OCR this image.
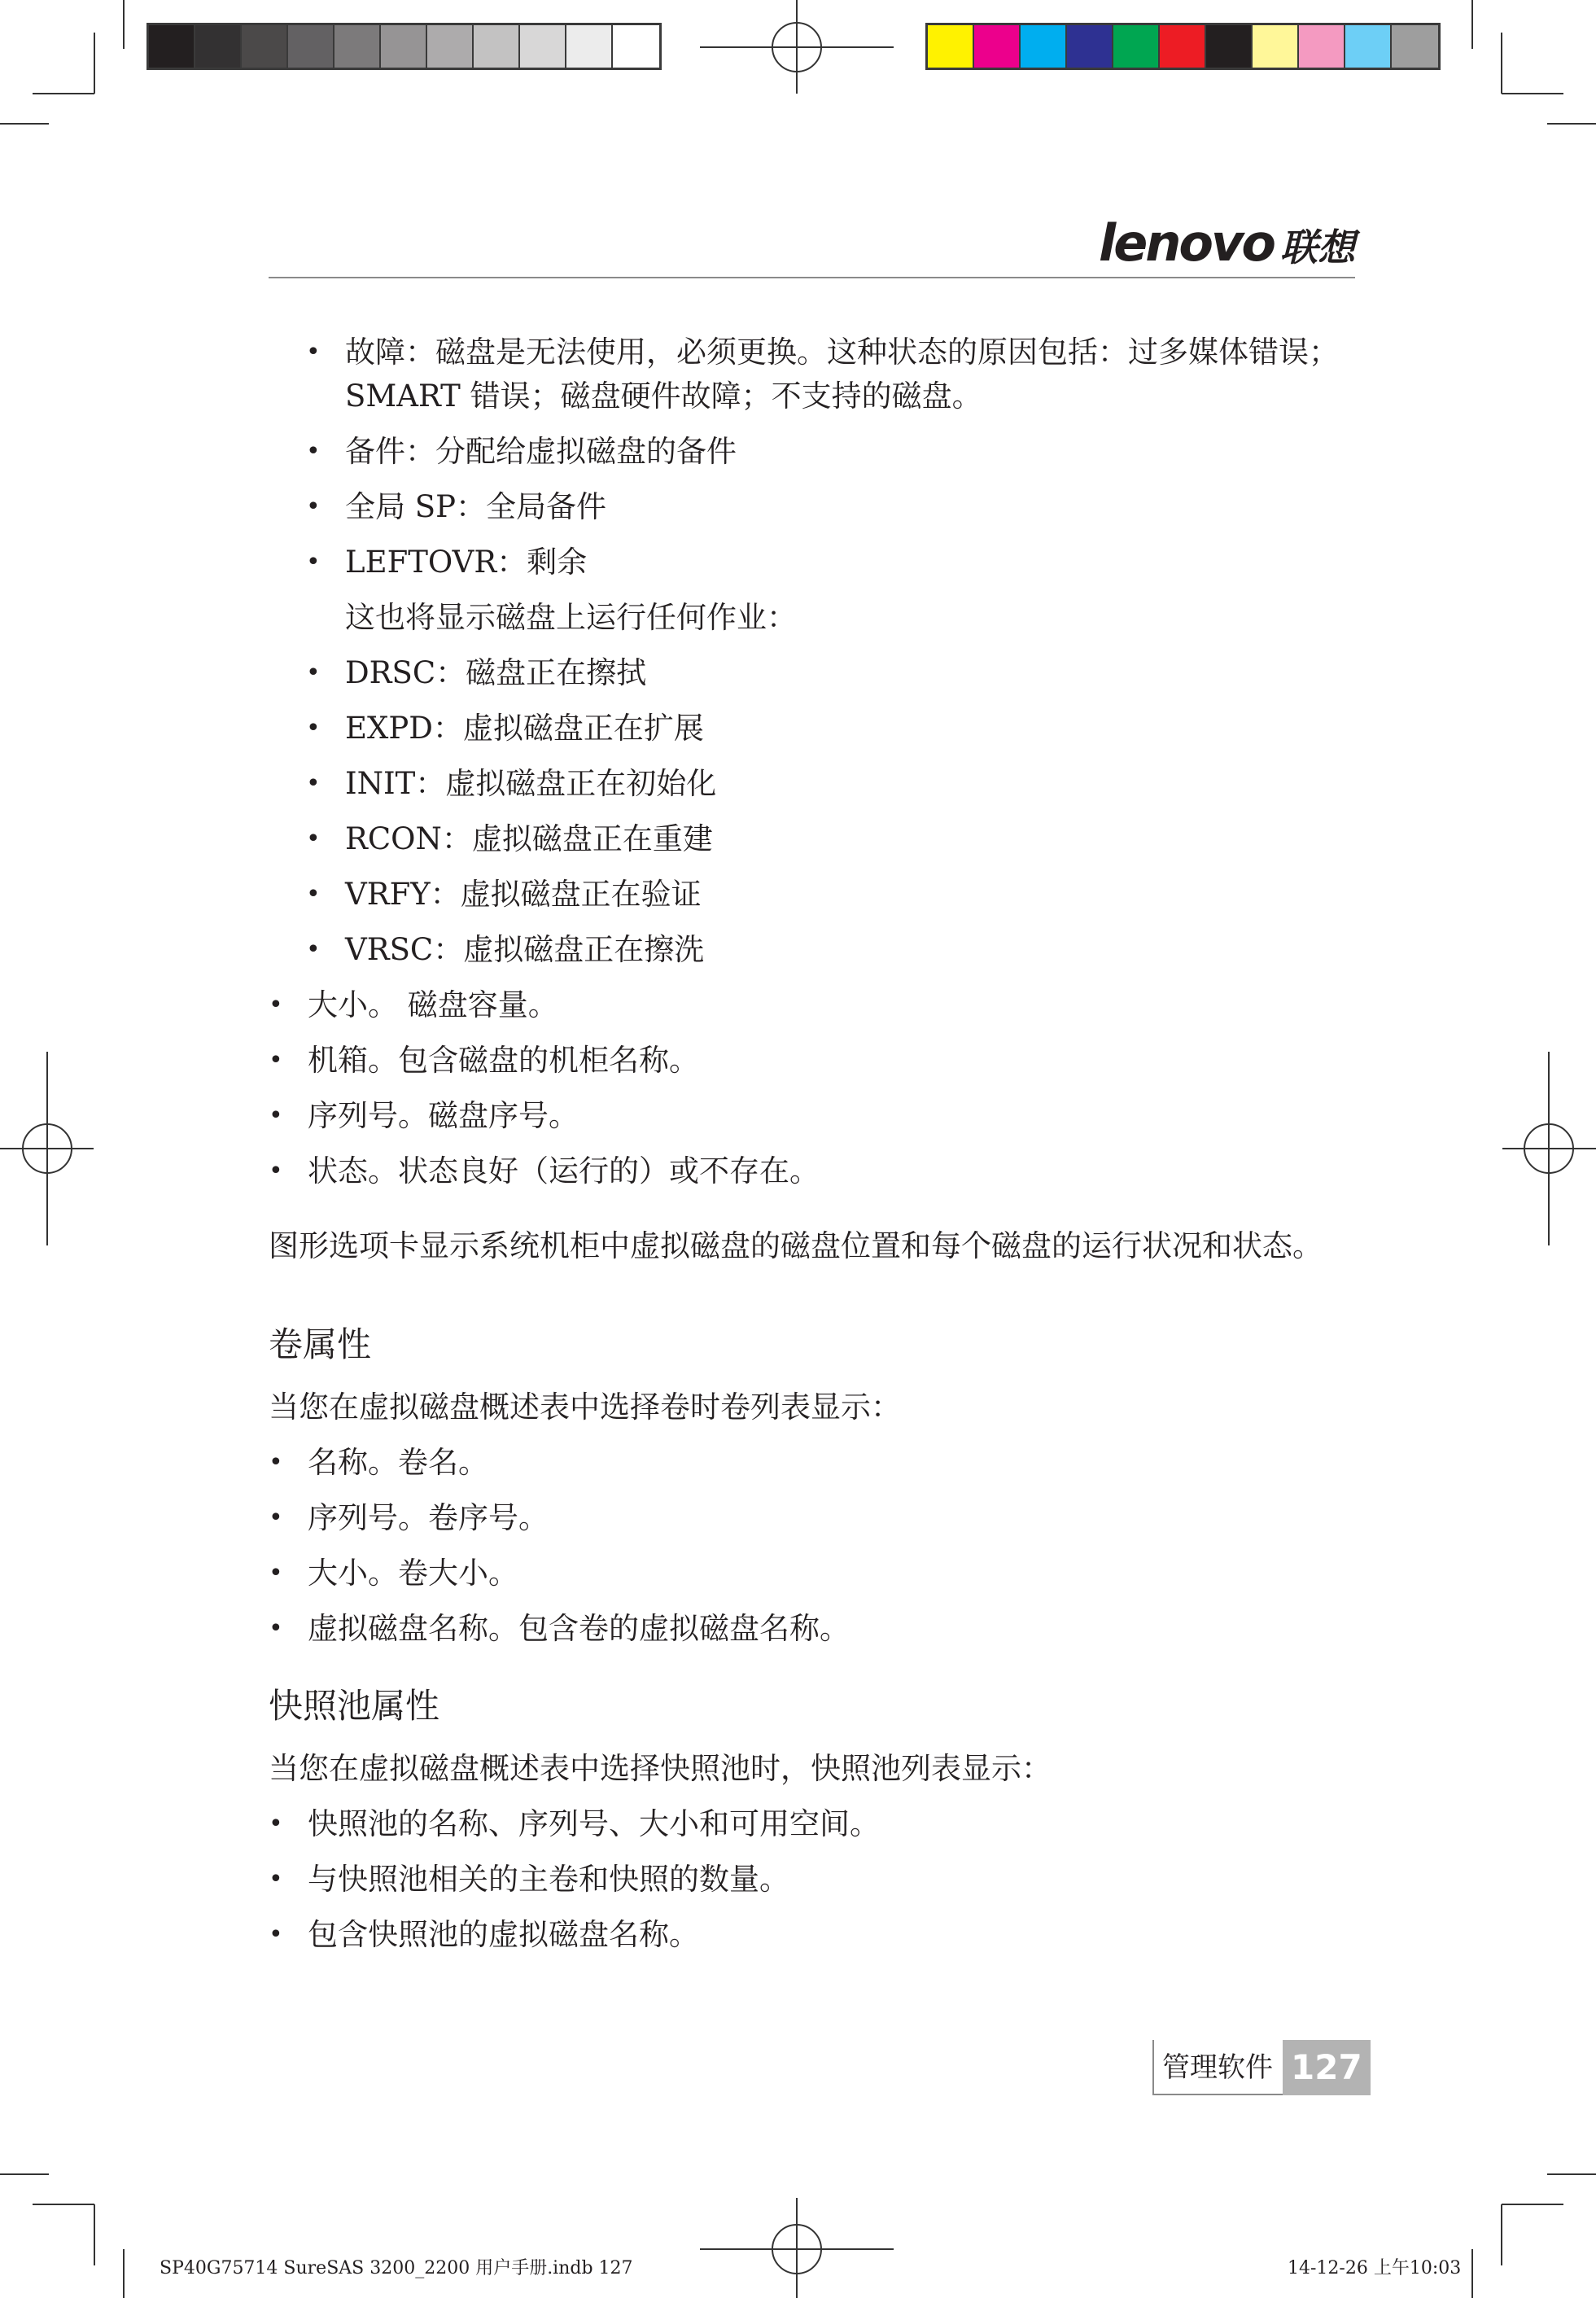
lenovo 联想
• 故障：磁盘是无法使用，必须更换。这种状态的原因包括：过多媒体错误；
SMART 错误；磁盘硬件故障；不支持的磁盘。
• 备件：分配给虚拟磁盘的备件
• 全局 SP：全局备件
• LEFTOVR：剩余
这也将显示磁盘上运行任何作业：
• DRSC：磁盘正在擦拭
• EXPD：虚拟磁盘正在扩展
• INIT：虚拟磁盘正在初始化
• RCON：虚拟磁盘正在重建
• VRFY：虚拟磁盘正在验证
• VRSC：虚拟磁盘正在擦洗
• 大小。 磁盘容量。
• 机箱。包含磁盘的机柜名称。
• 序列号。磁盘序号。
• 状态。状态良好（运行的）或不存在。
图形选项卡显示系统机柜中虚拟磁盘的磁盘位置和每个磁盘的运行状况和状态。
卷属性
当您在虚拟磁盘概述表中选择卷时卷列表显示：
• 名称。卷名。
• 序列号。卷序号。
• 大小。卷大小。
• 虚拟磁盘名称。包含卷的虚拟磁盘名称。
快照池属性
当您在虚拟磁盘概述表中选择快照池时，快照池列表显示：
• 快照池的名称、序列号、大小和可用空间。
• 与快照池相关的主卷和快照的数量。
• 包含快照池的虚拟磁盘名称。
管理软件 127
SP40G75714 SureSAS 3200_2200 用户手册.indb 127	14-12-26 上午10:03
